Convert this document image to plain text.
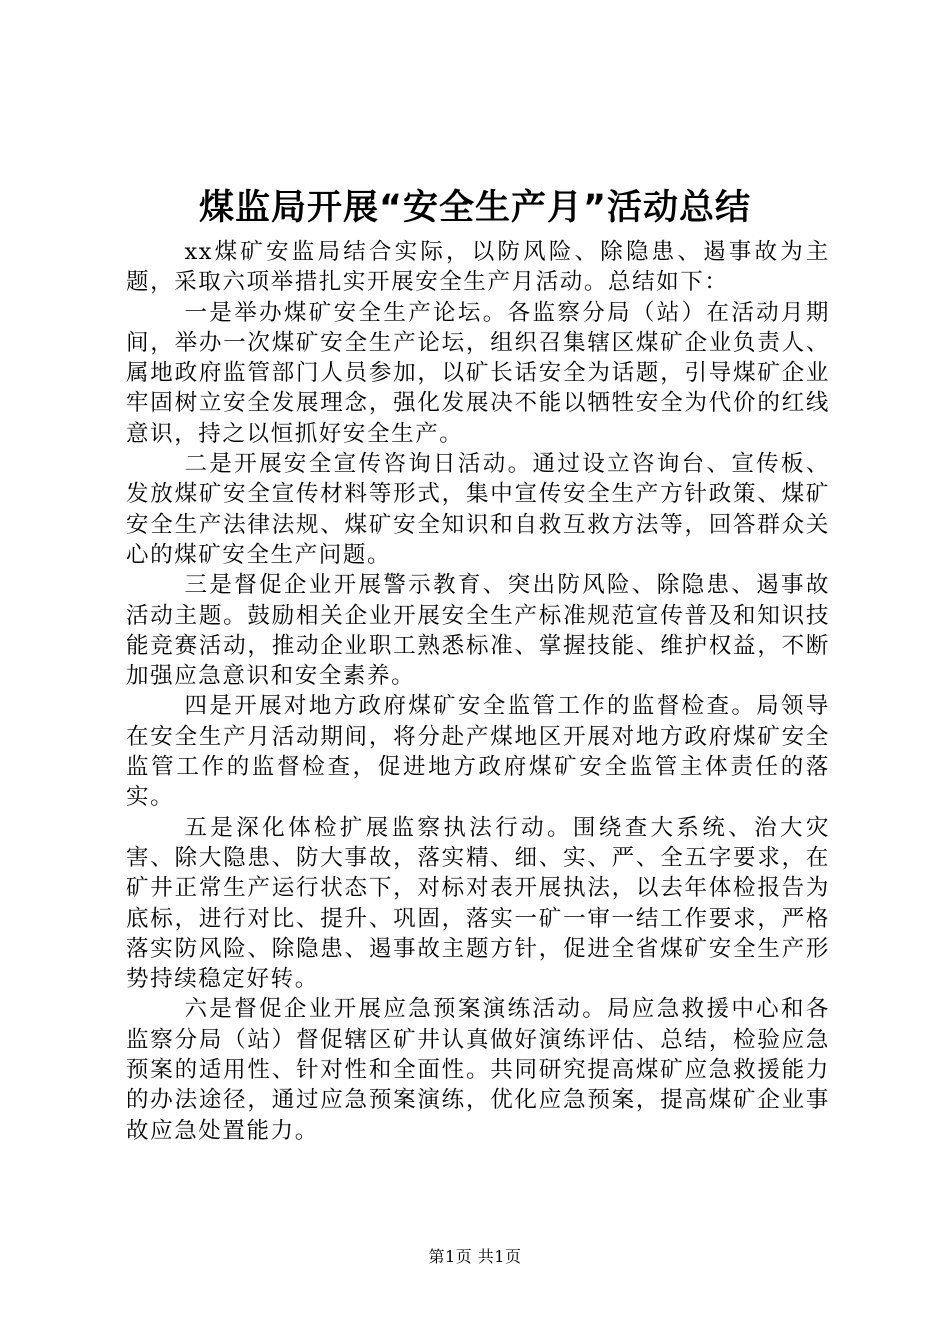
煤监局开展“安全生产月”活动总结

xx煤矿安监局结合实际，以防风险、除隐患、遏事故为主题，采取六项举措扎实开展安全生产月活动。总结如下：

一是举办煤矿安全生产论坛。各监察分局（站）在活动月期间，举办一次煤矿安全生产论坛，组织召集辖区煤矿企业负责人、属地政府监管部门人员参加，以矿长话安全为话题，引导煤矿企业牢固树立安全发展理念，强化发展决不能以牺牲安全为代价的红线意识，持之以恒抓好安全生产。

二是开展安全宣传咨询日活动。通过设立咨询台、宣传板、发放煤矿安全宣传材料等形式，集中宣传安全生产方针政策、煤矿安全生产法律法规、煤矿安全知识和自救互救方法等，回答群众关心的煤矿安全生产问题。

三是督促企业开展警示教育、突出防风险、除隐患、遏事故活动主题。鼓励相关企业开展安全生产标准规范宣传普及和知识技能竞赛活动，推动企业职工熟悉标准、掌握技能、维护权益，不断加强应急意识和安全素养。

四是开展对地方政府煤矿安全监管工作的监督检查。局领导在安全生产月活动期间，将分赴产煤地区开展对地方政府煤矿安全监管工作的监督检查，促进地方政府煤矿安全监管主体责任的落实。

五是深化体检扩展监察执法行动。围绕查大系统、治大灾害、除大隐患、防大事故，落实精、细、实、严、全五字要求，在矿井正常生产运行状态下，对标对表开展执法，以去年体检报告为底标，进行对比、提升、巩固，落实一矿一审一结工作要求，严格落实防风险、除隐患、遏事故主题方针，促进全省煤矿安全生产形势持续稳定好转。

六是督促企业开展应急预案演练活动。局应急救援中心和各监察分局（站）督促辖区矿井认真做好演练评估、总结，检验应急预案的适用性、针对性和全面性。共同研究提高煤矿应急救援能力的办法途径，通过应急预案演练，优化应急预案，提高煤矿企业事故应急处置能力。

第1页 共1页
